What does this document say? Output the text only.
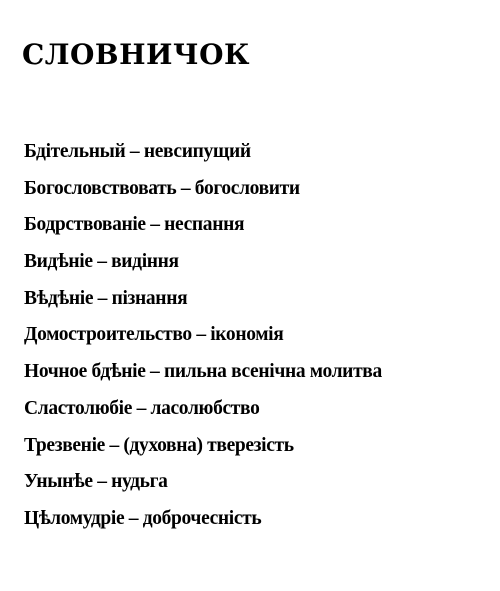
СЛОВНИЧОК
Бдітельный – невсипущий
Богословствовать – богословити
Бодрствованіе – неспання
Видѣніе – видіння
Вѣдѣніе – пізнання
Домостроительство – ікономія
Ночное бдѣніе – пильна всенічна молитва
Сластолюбіе – ласолюбство
Трезвеніе – (духовна) тверезість
Унынѣе – нудьга
Цѣломудріе – доброчесність
